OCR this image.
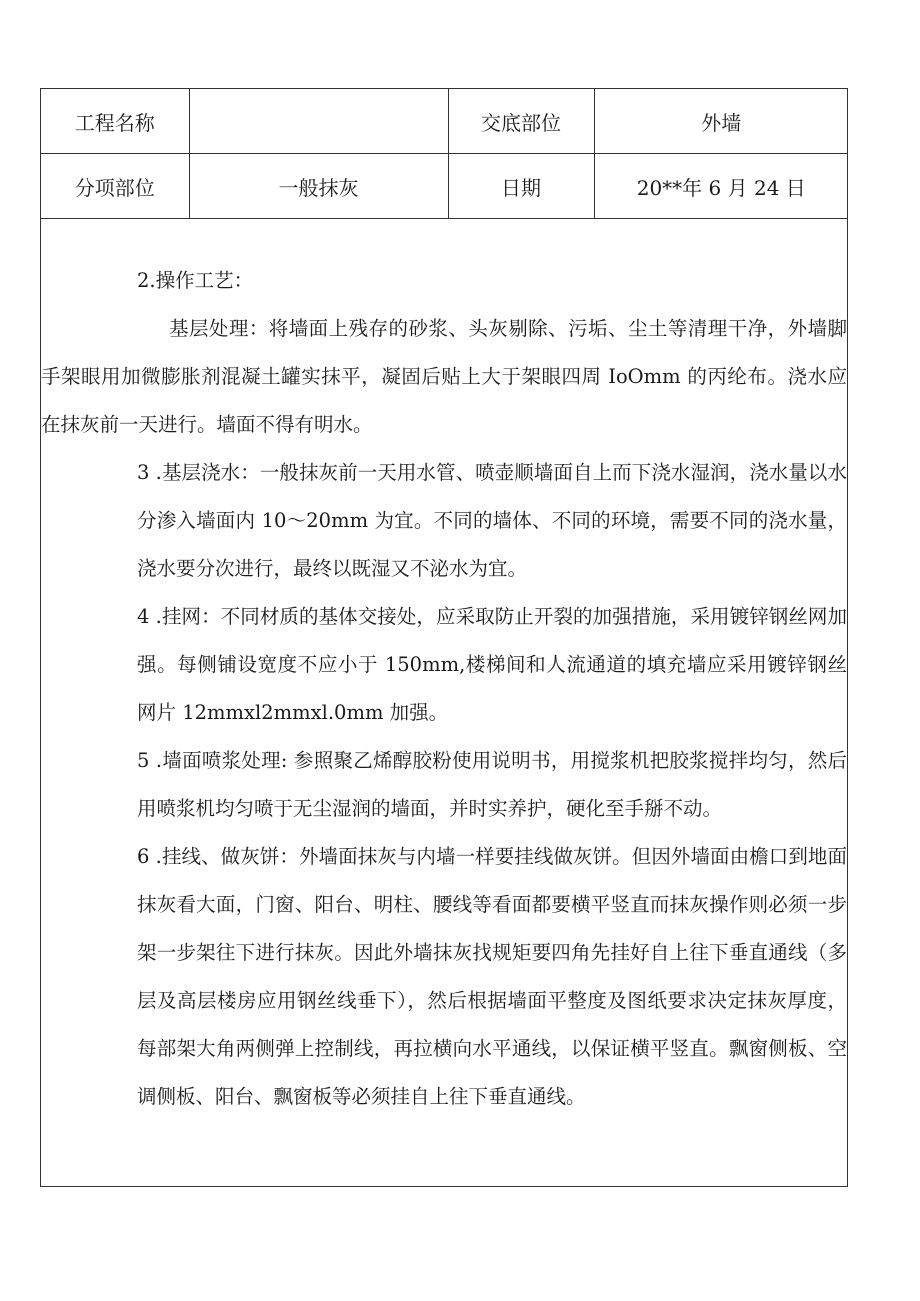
工程名称		交底部位	外墙
分项部位	一般抹灰	日期	20**年 6 月 24 日

2.操作工艺：

基层处理：将墙面上残存的砂浆、头灰剔除、污垢、尘土等清理干净，外墙脚手架眼用加微膨胀剂混凝土罐实抹平，凝固后贴上大于架眼四周 IoOmm 的丙纶布。浇水应在抹灰前一天进行。墙面不得有明水。

3 .基层浇水：一般抹灰前一天用水管、喷壶顺墙面自上而下浇水湿润，浇水量以水分渗入墙面内 10～20mm 为宜。不同的墙体、不同的环境，需要不同的浇水量，浇水要分次进行，最终以既湿又不泌水为宜。

4 .挂网：不同材质的基体交接处，应采取防止开裂的加强措施，采用镀锌钢丝网加强。每侧铺设宽度不应小于 150mm,楼梯间和人流通道的填充墙应采用镀锌钢丝网片 12mmxl2mmxl.0mm 加强。

5 .墙面喷浆处理: 参照聚乙烯醇胶粉使用说明书，用搅浆机把胶浆搅拌均匀，然后用喷浆机均匀喷于无尘湿润的墙面，并时实养护，硬化至手掰不动。

6 .挂线、做灰饼：外墙面抹灰与内墙一样要挂线做灰饼。但因外墙面由檐口到地面抹灰看大面，门窗、阳台、明柱、腰线等看面都要横平竖直而抹灰操作则必须一步架一步架往下进行抹灰。因此外墙抹灰找规矩要四角先挂好自上往下垂直通线（多层及高层楼房应用钢丝线垂下），然后根据墙面平整度及图纸要求决定抹灰厚度，每部架大角两侧弹上控制线，再拉横向水平通线，以保证横平竖直。飘窗侧板、空调侧板、阳台、飘窗板等必须挂自上往下垂直通线。
